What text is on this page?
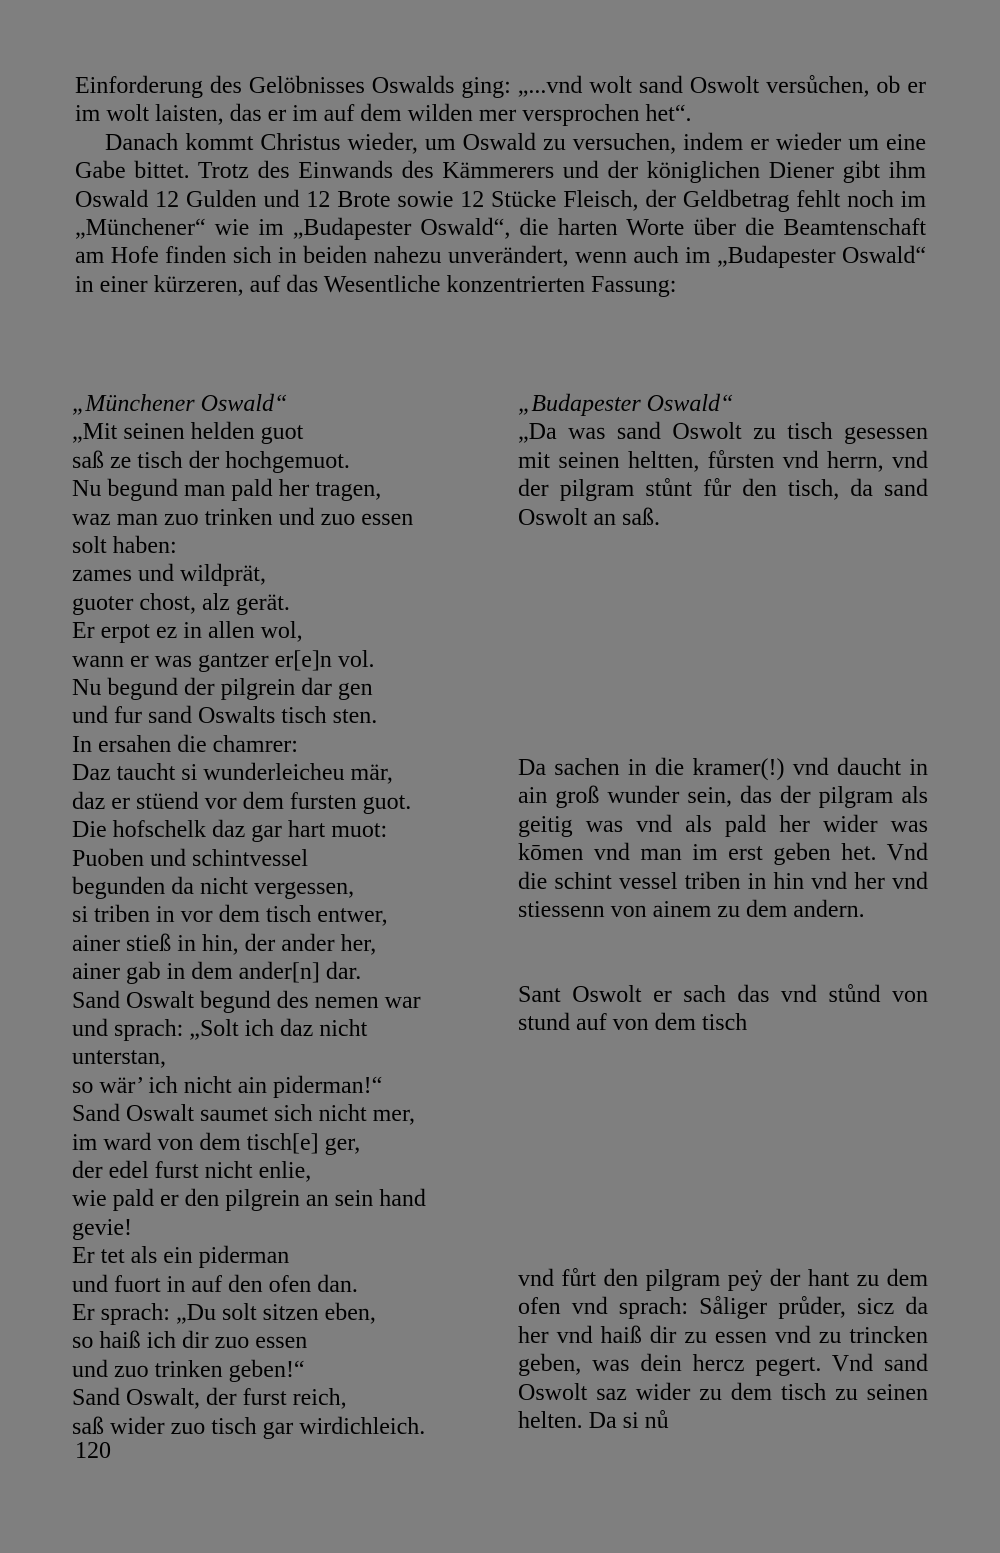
Einforderung des Gelöbnisses Oswalds ging: „...vnd wolt sand Oswolt versůchen, ob er im wolt laisten, das er im auf dem wilden mer versprochen het“.

Danach kommt Christus wieder, um Oswald zu versuchen, indem er wieder um eine Gabe bittet. Trotz des Einwands des Kämmerers und der königlichen Diener gibt ihm Oswald 12 Gulden und 12 Brote sowie 12 Stücke Fleisch, der Geldbetrag fehlt noch im „Münchener“ wie im „Budapester Oswald“, die harten Worte über die Beamtenschaft am Hofe finden sich in beiden nahezu unverändert, wenn auch im „Budapester Oswald“ in einer kürzeren, auf das Wesentliche konzentrierten Fassung:

„Münchener Oswald“
„Mit seinen helden guot
saß ze tisch der hochgemuot.
Nu begund man pald her tragen,
waz man zuo trinken und zuo essen
solt haben:
zames und wildprät,
guoter chost, alz gerät.
Er erpot ez in allen wol,
wann er was gantzer er[e]n vol.
Nu begund der pilgrein dar gen
und fur sand Oswalts tisch sten.
In ersahen die chamrer:
Daz taucht si wunderleicheu mär,
daz er stüend vor dem fursten guot.
Die hofschelk daz gar hart muot:
Puoben und schintvessel
begunden da nicht vergessen,
si triben in vor dem tisch entwer,
ainer stieß in hin, der ander her,
ainer gab in dem ander[n] dar.
Sand Oswalt begund des nemen war
und sprach: „Solt ich daz nicht
unterstan,
so wär’ ich nicht ain piderman!“
Sand Oswalt saumet sich nicht mer,
im ward von dem tisch[e] ger,
der edel furst nicht enlie,
wie pald er den pilgrein an sein hand
gevie!
Er tet als ein piderman
und fuort in auf den ofen dan.
Er sprach: „Du solt sitzen eben,
so haiß ich dir zuo essen
und zuo trinken geben!“
Sand Oswalt, der furst reich,
saß wider zuo tisch gar wirdichleich.
„Budapester Oswald“
„Da was sand Oswolt zu tisch gesessen mit seinen heltten, fůrsten vnd herrn, vnd der pilgram stůnt fůr den tisch, da sand Oswolt an saß.
Da sachen in die kramer(!) vnd daucht in ain groß wunder sein, das der pilgram als geitig was vnd als pald her wider was kōmen vnd man im erst geben het. Vnd die schint vessel triben in hin vnd her vnd stiessenn von ainem zu dem andern.
Sant Oswolt er sach das vnd stůnd von stund auf von dem tisch
vnd fůrt den pilgram peẏ der hant zu dem ofen vnd sprach: Såliger průder, sicz da her vnd haiß dir zu essen vnd zu trincken geben, was dein hercz pegert. Vnd sand Oswolt saz wider zu dem tisch zu seinen helten. Da si nů
120
